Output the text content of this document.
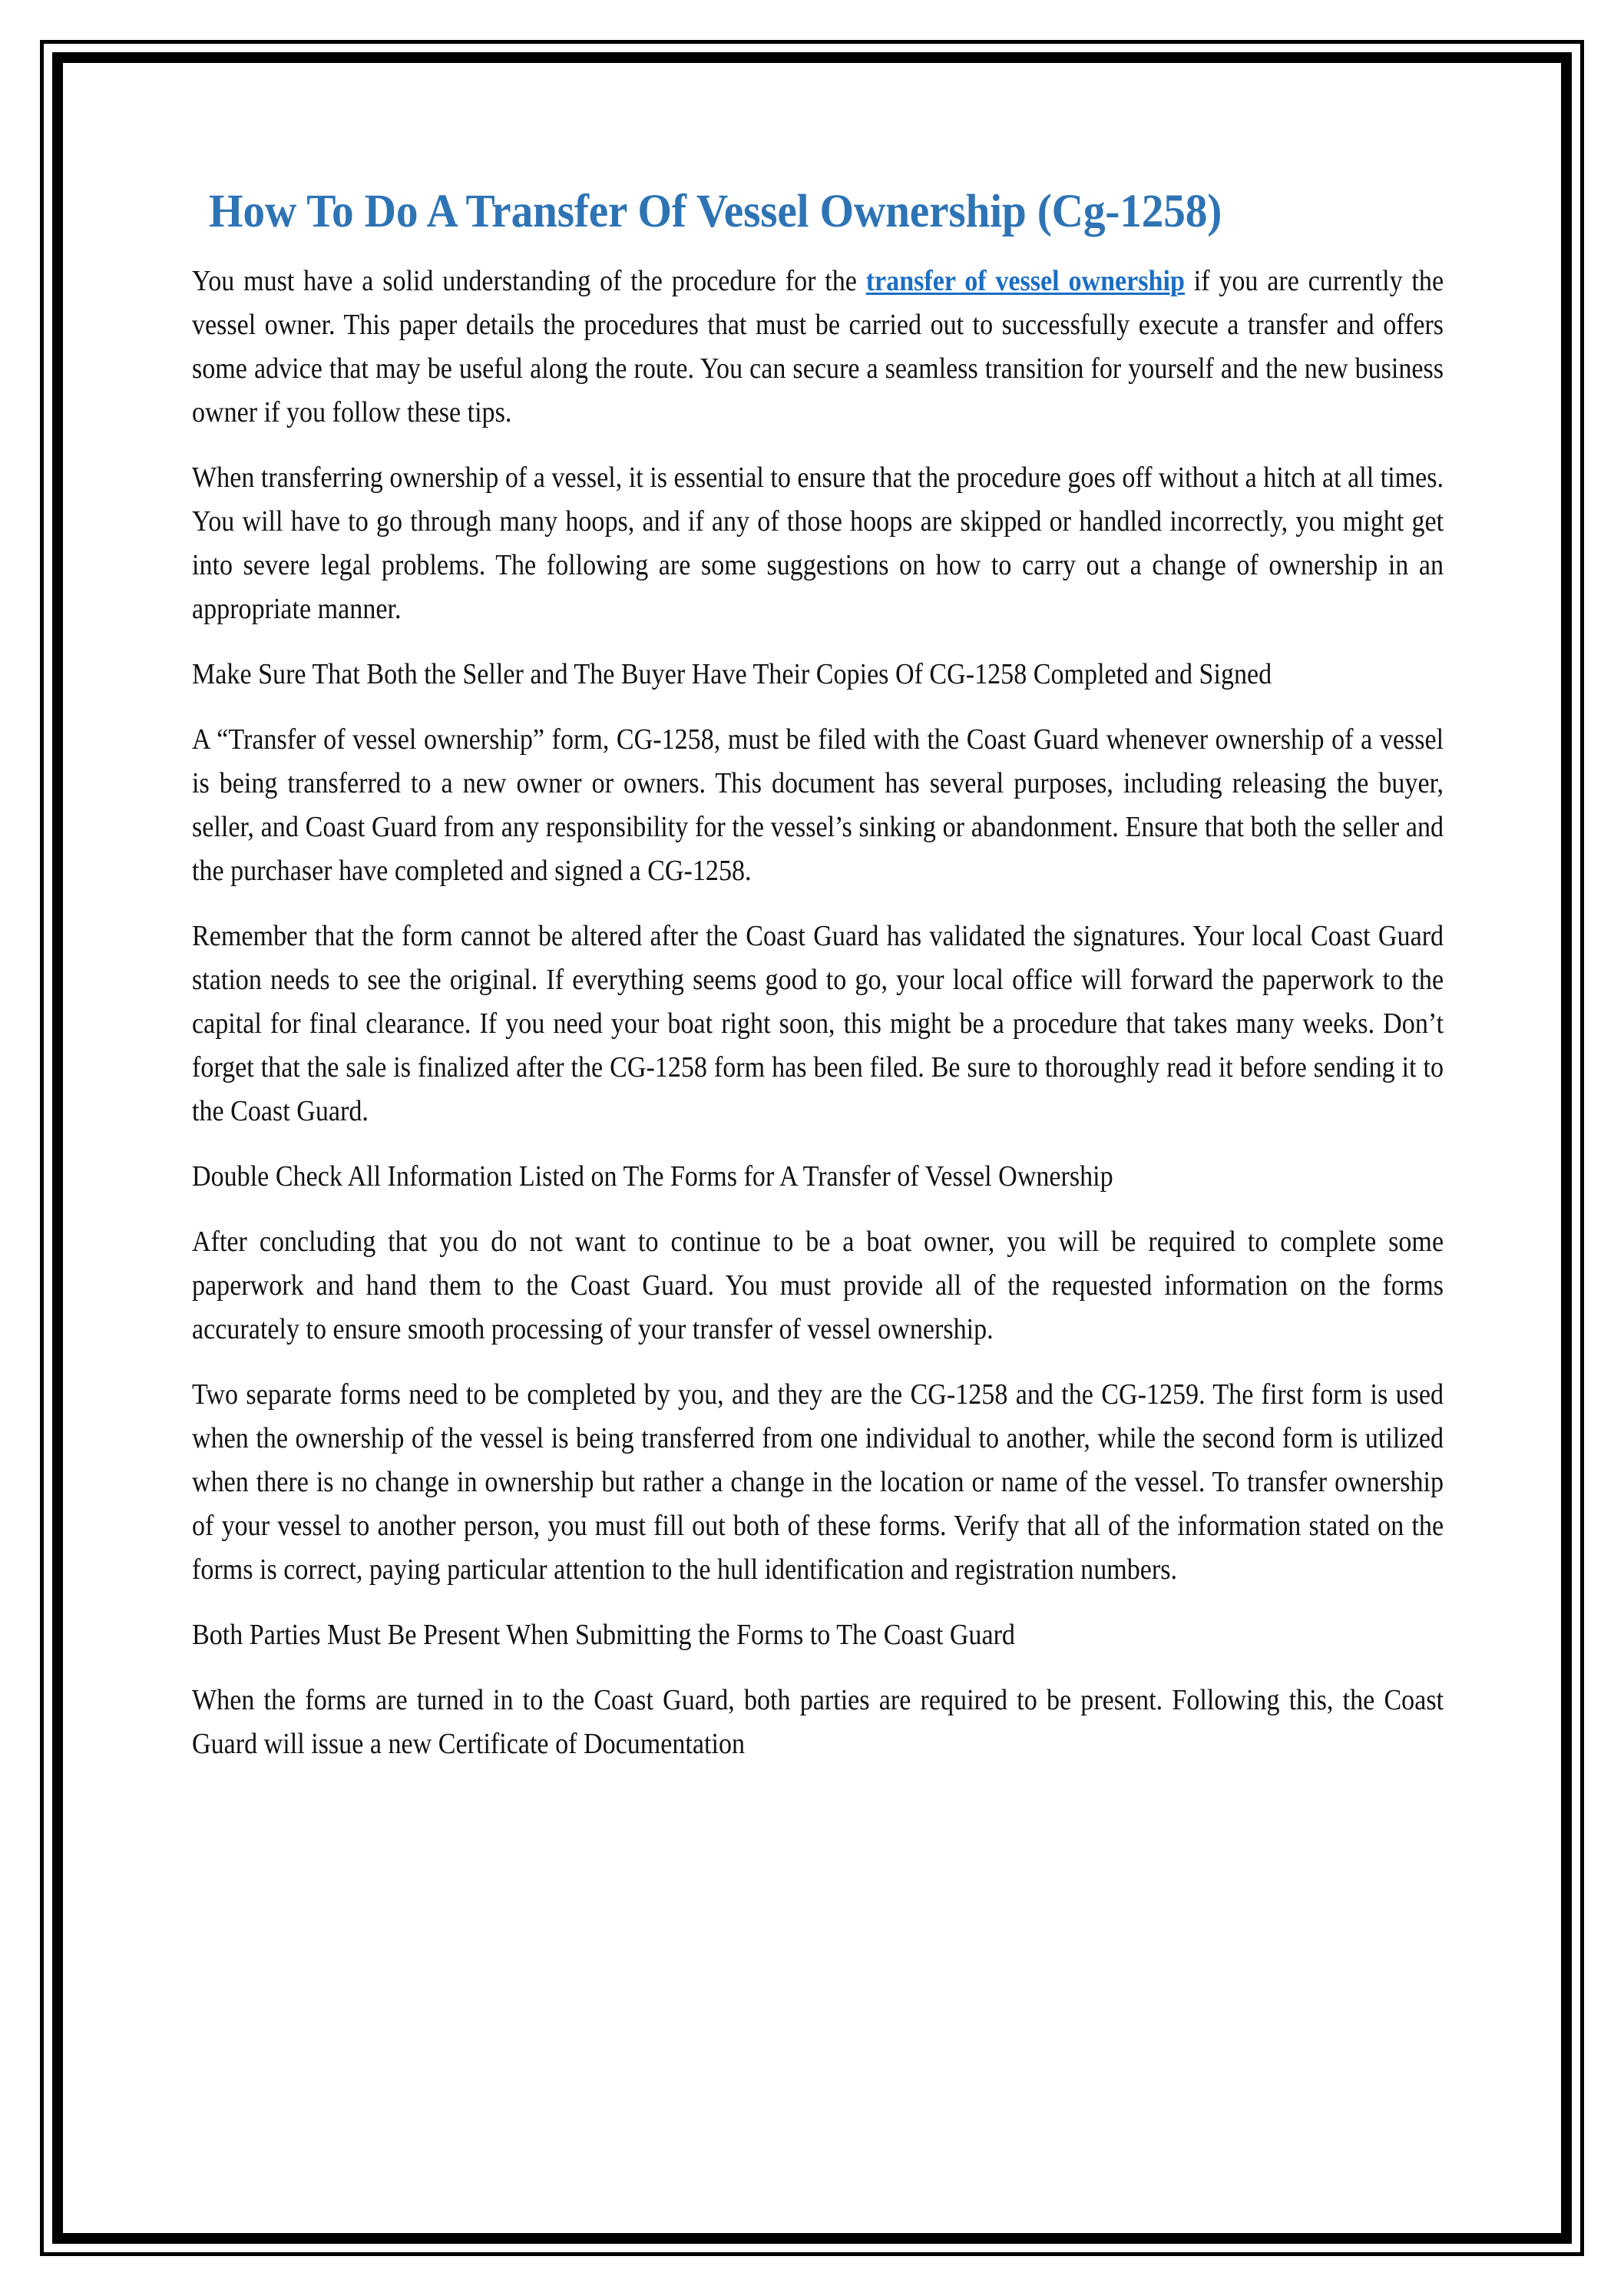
How To Do A Transfer Of Vessel Ownership (Cg-1258)

You must have a solid understanding of the procedure for the transfer of vessel ownership if you are currently the vessel owner. This paper details the procedures that must be carried out to successfully execute a transfer and offers some advice that may be useful along the route. You can secure a seamless transition for yourself and the new business owner if you follow these tips.

When transferring ownership of a vessel, it is essential to ensure that the procedure goes off without a hitch at all times. You will have to go through many hoops, and if any of those hoops are skipped or handled incorrectly, you might get into severe legal problems. The following are some suggestions on how to carry out a change of ownership in an appropriate manner.

Make Sure That Both the Seller and The Buyer Have Their Copies Of CG-1258 Completed and Signed

A “Transfer of vessel ownership” form, CG-1258, must be filed with the Coast Guard whenever ownership of a vessel is being transferred to a new owner or owners. This document has several purposes, including releasing the buyer, seller, and Coast Guard from any responsibility for the vessel’s sinking or abandonment. Ensure that both the seller and the purchaser have completed and signed a CG-1258.

Remember that the form cannot be altered after the Coast Guard has validated the signatures. Your local Coast Guard station needs to see the original. If everything seems good to go, your local office will forward the paperwork to the capital for final clearance. If you need your boat right soon, this might be a procedure that takes many weeks. Don’t forget that the sale is finalized after the CG-1258 form has been filed. Be sure to thoroughly read it before sending it to the Coast Guard.

Double Check All Information Listed on The Forms for A Transfer of Vessel Ownership

After concluding that you do not want to continue to be a boat owner, you will be required to complete some paperwork and hand them to the Coast Guard. You must provide all of the requested information on the forms accurately to ensure smooth processing of your transfer of vessel ownership.

Two separate forms need to be completed by you, and they are the CG-1258 and the CG-1259. The first form is used when the ownership of the vessel is being transferred from one individual to another, while the second form is utilized when there is no change in ownership but rather a change in the location or name of the vessel. To transfer ownership of your vessel to another person, you must fill out both of these forms. Verify that all of the information stated on the forms is correct, paying particular attention to the hull identification and registration numbers.

Both Parties Must Be Present When Submitting the Forms to The Coast Guard

When the forms are turned in to the Coast Guard, both parties are required to be present. Following this, the Coast Guard will issue a new Certificate of Documentation
